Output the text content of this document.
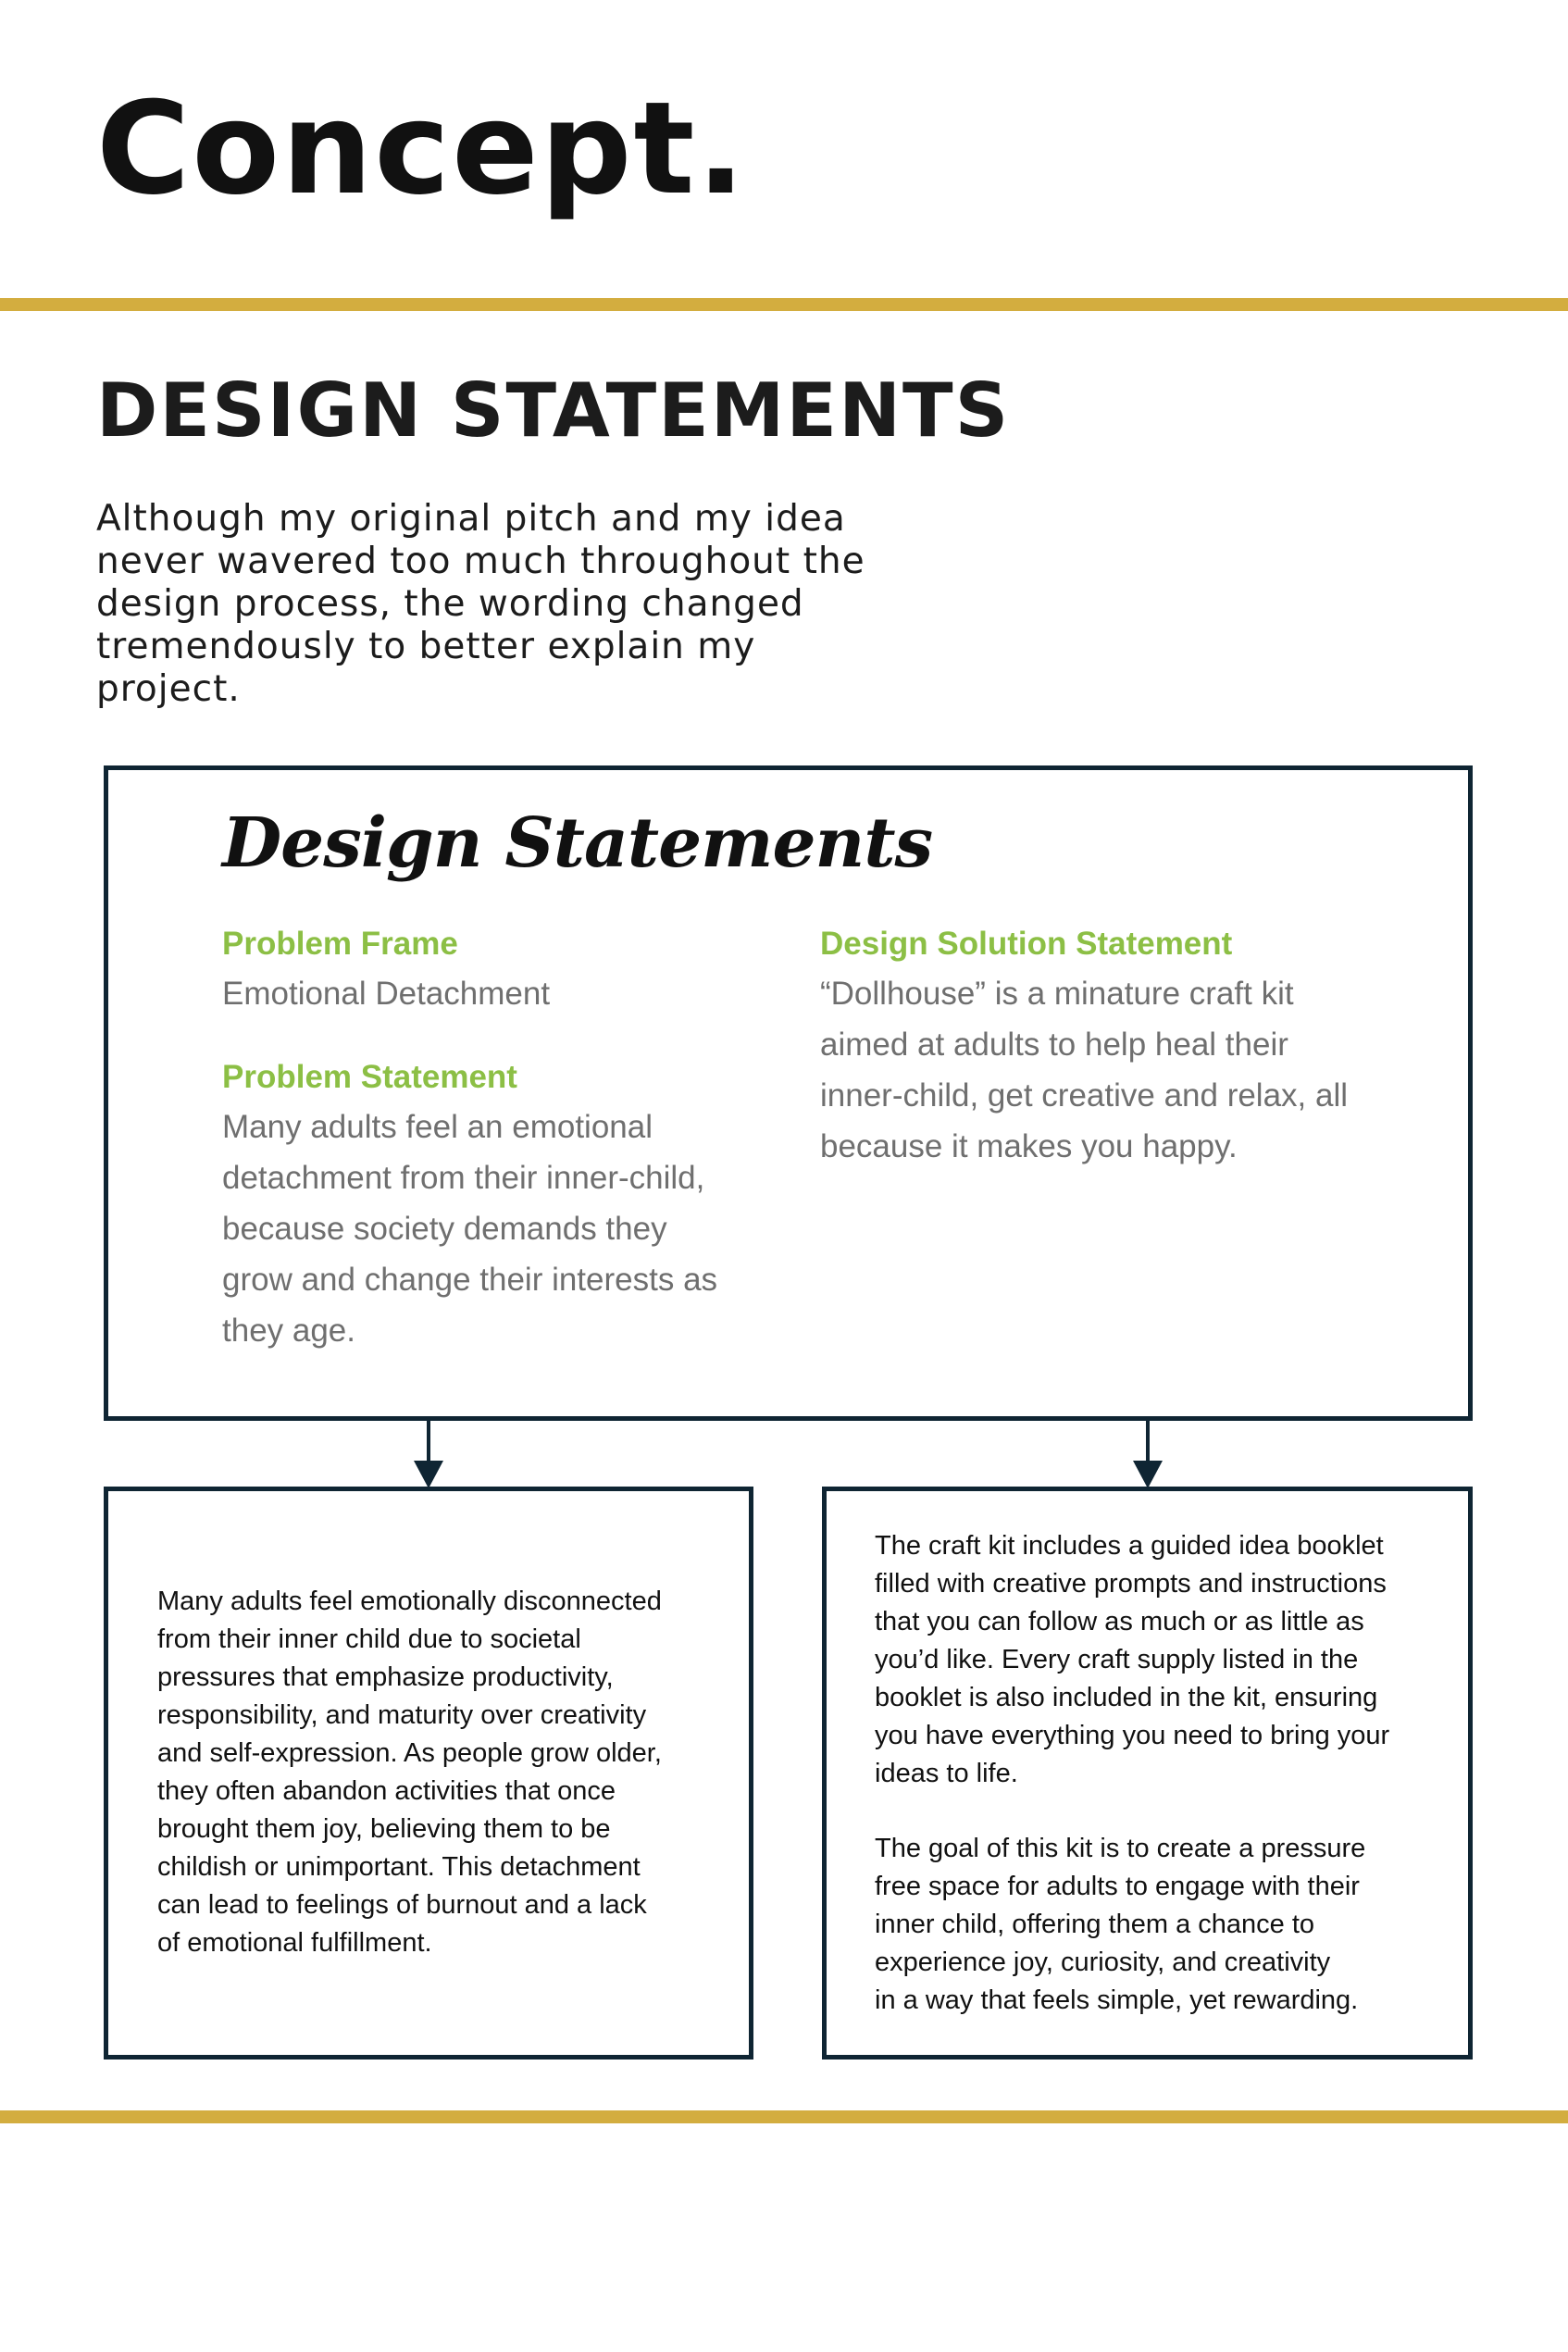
Concept.
DESIGN STATEMENTS

Although my original pitch and my idea
never wavered too much throughout the
design process, the wording changed
tremendously to better explain my
project.

Design Statements
Problem Frame

Emotional Detachment

Problem Statement

Many adults feel an emotional
detachment from their inner-child,
because society demands they
grow and change their interests as
they age.

Design Solution Statement

“Dollhouse” is a minature craft kit
aimed at adults to help heal their
inner-child, get creative and relax, all
because it makes you happy.

Many adults feel emotionally disconnected
from their inner child due to societal
pressures that emphasize productivity,
responsibility, and maturity over creativity
and self-expression. As people grow older,
they often abandon activities that once
brought them joy, believing them to be
childish or unimportant. This detachment
can lead to feelings of burnout and a lack
of emotional fulfillment.

The craft kit includes a guided idea booklet
filled with creative prompts and instructions
that you can follow as much or as little as
you’d like. Every craft supply listed in the
booklet is also included in the kit, ensuring
you have everything you need to bring your
ideas to life.

The goal of this kit is to create a pressure
free space for adults to engage with their
inner child, offering them a chance to
experience joy, curiosity, and creativity
in a way that feels simple, yet rewarding.
